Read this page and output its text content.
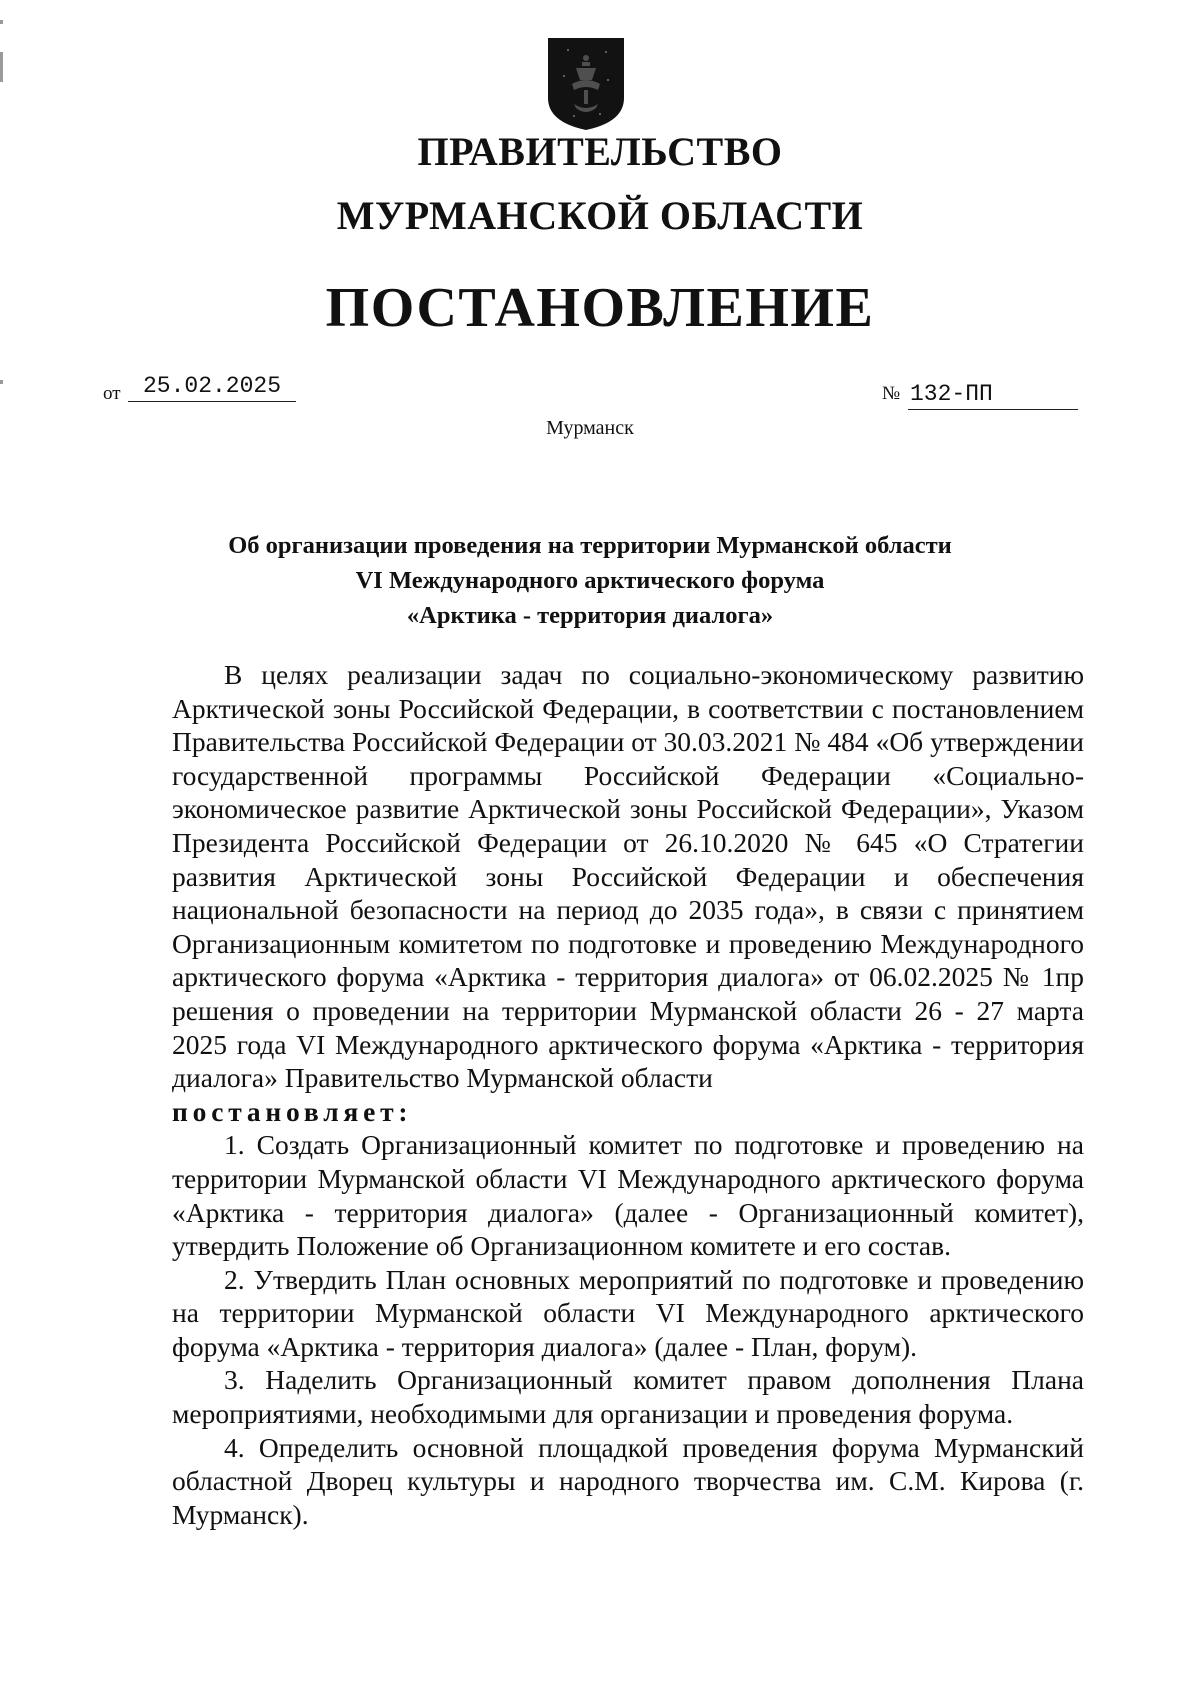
ПРАВИТЕЛЬСТВО
МУРМАНСКОЙ ОБЛАСТИ
ПОСТАНОВЛЕНИЕ
от 25.02.2025	№ 132-ПП
Мурманск
Об организации проведения на территории Мурманской области
VI Международного арктического форума
«Арктика - территория диалога»

В целях реализации задач по социально-экономическому развитию Арктической зоны Российской Федерации, в соответствии с постановлением Правительства Российской Федерации от 30.03.2021 № 484 «Об утверждении государственной программы Российской Федерации «Социально-экономическое развитие Арктической зоны Российской Федерации», Указом Президента Российской Федерации от 26.10.2020 № 645 «О Стратегии развития Арктической зоны Российской Федерации и обеспечения национальной безопасности на период до 2035 года», в связи с принятием Организационным комитетом по подготовке и проведению Международного арктического форума «Арктика - территория диалога» от 06.02.2025 № 1пр решения о проведении на территории Мурманской области 26 - 27 марта 2025 года VI Международного арктического форума «Арктика - территория диалога» Правительство Мурманской области

постановляет:

1. Создать Организационный комитет по подготовке и проведению на территории Мурманской области VI Международного арктического форума «Арктика - территория диалога» (далее - Организационный комитет), утвердить Положение об Организационном комитете и его состав.

2. Утвердить План основных мероприятий по подготовке и проведению на территории Мурманской области VI Международного арктического форума «Арктика - территория диалога» (далее - План, форум).

3. Наделить Организационный комитет правом дополнения Плана мероприятиями, необходимыми для организации и проведения форума.

4. Определить основной площадкой проведения форума Мурманский областной Дворец культуры и народного творчества им. С.М. Кирова (г. Мурманск).
